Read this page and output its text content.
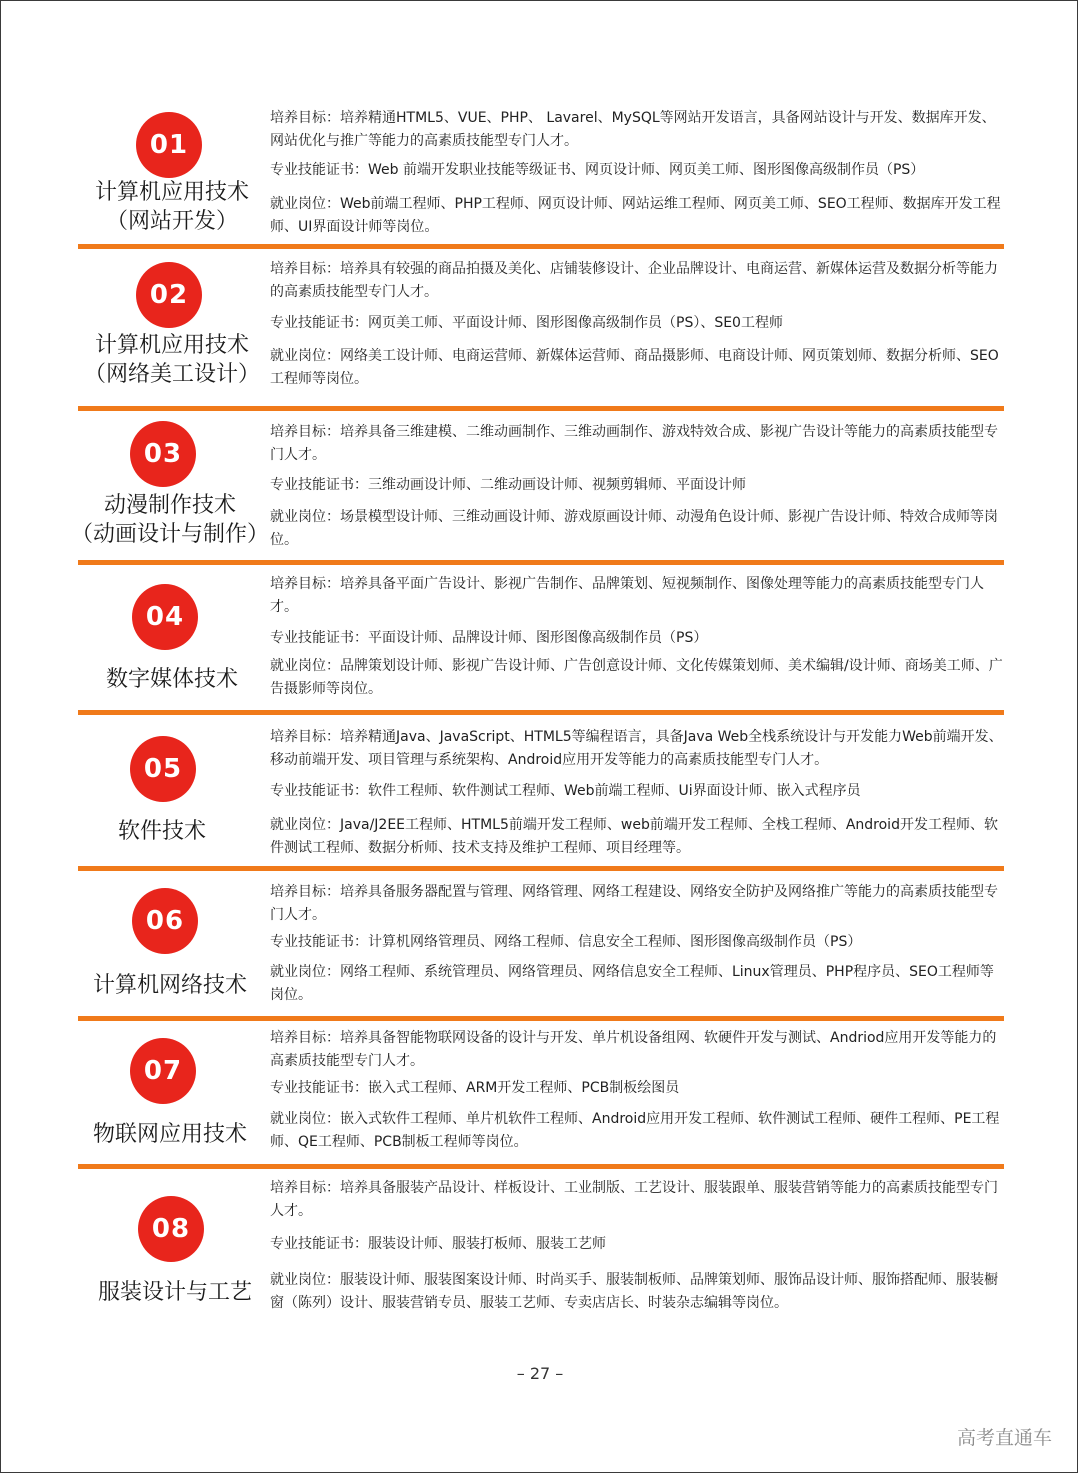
01
计算机应用技术
（网站开发）
培养目标：培养精通HTML5、VUE、PHP、 Lavarel、MySQL等网站开发语言，具备网站设计与开发、数据库开发、网站优化与推广等能力的高素质技能型专门人才。
专业技能证书：Web 前端开发职业技能等级证书、网页设计师、网页美工师、图形图像高级制作员（PS）
就业岗位：Web前端工程师、PHP工程师、网页设计师、网站运维工程师、网页美工师、SEO工程师、数据库开发工程师、UI界面设计师等岗位。
02
计算机应用技术
（网络美工设计）
培养目标：培养具有较强的商品拍摄及美化、店铺装修设计、企业品牌设计、电商运营、新媒体运营及数据分析等能力的高素质技能型专门人才。
专业技能证书：网页美工师、平面设计师、图形图像高级制作员（PS）、SE0工程师
就业岗位：网络美工设计师、电商运营师、新媒体运营师、商品摄影师、电商设计师、网页策划师、数据分析师、SEO工程师等岗位。
03
动漫制作技术
（动画设计与制作）
培养目标：培养具备三维建模、二维动画制作、三维动画制作、游戏特效合成、影视广告设计等能力的高素质技能型专门人才。
专业技能证书：三维动画设计师、二维动画设计师、视频剪辑师、平面设计师
就业岗位：场景模型设计师、三维动画设计师、游戏原画设计师、动漫角色设计师、影视广告设计师、特效合成师等岗位。
04
数字媒体技术
培养目标：培养具备平面广告设计、影视广告制作、品牌策划、短视频制作、图像处理等能力的高素质技能型专门人才。
专业技能证书：平面设计师、品牌设计师、图形图像高级制作员（PS）
就业岗位：品牌策划设计师、影视广告设计师、广告创意设计师、文化传媒策划师、美术编辑/设计师、商场美工师、广告摄影师等岗位。
05
软件技术
培养目标：培养精通Java、JavaScript、HTML5等编程语言，具备Java Web全栈系统设计与开发能力Web前端开发、移动前端开发、项目管理与系统架构、Android应用开发等能力的高素质技能型专门人才。
专业技能证书：软件工程师、软件测试工程师、Web前端工程师、Ui界面设计师、嵌入式程序员
就业岗位：Java/J2EE工程师、HTML5前端开发工程师、web前端开发工程师、全栈工程师、Android开发工程师、软件测试工程师、数据分析师、技术支持及维护工程师、项目经理等。
06
计算机网络技术
培养目标：培养具备服务器配置与管理、网络管理、网络工程建设、网络安全防护及网络推广等能力的高素质技能型专门人才。
专业技能证书：计算机网络管理员、网络工程师、信息安全工程师、图形图像高级制作员（PS）
就业岗位：网络工程师、系统管理员、网络管理员、网络信息安全工程师、Linux管理员、PHP程序员、SEO工程师等岗位。
07
物联网应用技术
培养目标：培养具备智能物联网设备的设计与开发、单片机设备组网、软硬件开发与测试、Andriod应用开发等能力的高素质技能型专门人才。
专业技能证书：嵌入式工程师、ARM开发工程师、PCB制板绘图员
就业岗位：嵌入式软件工程师、单片机软件工程师、Android应用开发工程师、软件测试工程师、硬件工程师、PE工程师、QE工程师、PCB制板工程师等岗位。
08
服装设计与工艺
培养目标：培养具备服装产品设计、样板设计、工业制版、工艺设计、服装跟单、服装营销等能力的高素质技能型专门人才。
专业技能证书：服装设计师、服装打板师、服装工艺师
就业岗位：服装设计师、服装图案设计师、时尚买手、服装制板师、品牌策划师、服饰品设计师、服饰搭配师、服装橱窗（陈列）设计、服装营销专员、服装工艺师、专卖店店长、时装杂志编辑等岗位。
– 27 –
高考直通车
